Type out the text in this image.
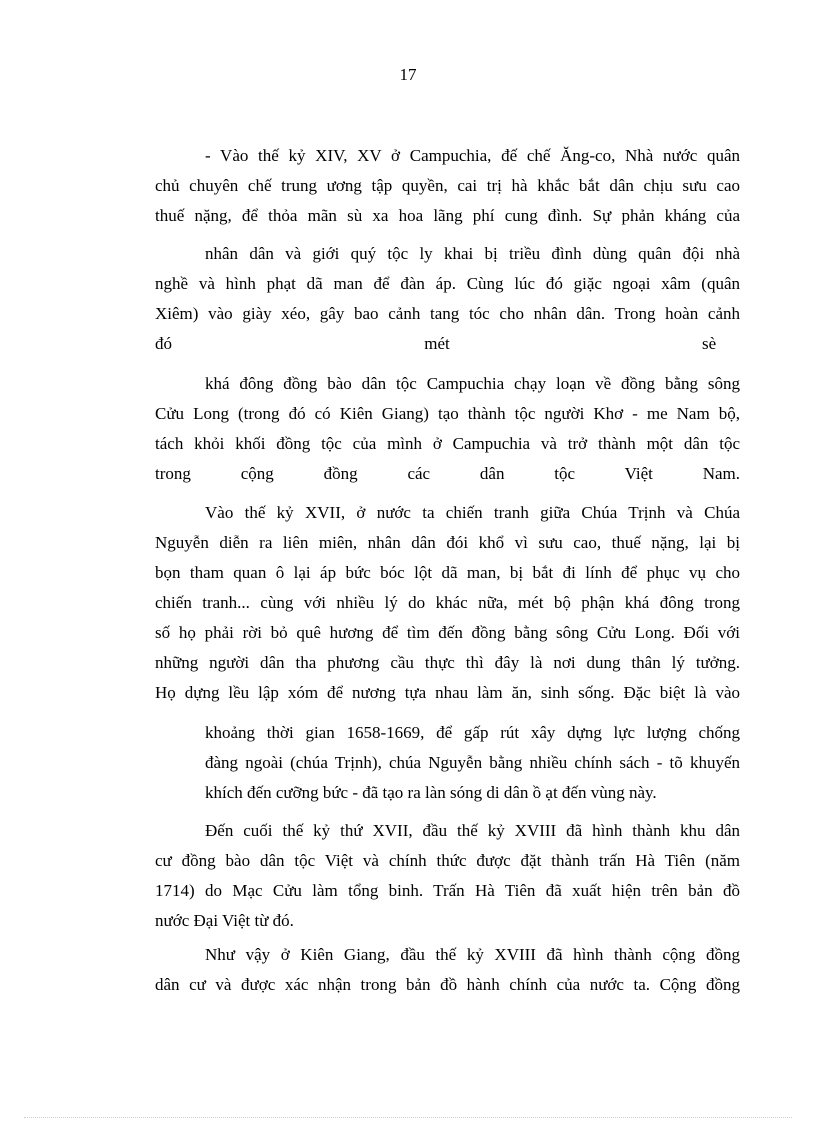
17
- Vào thế kỷ XIV, XV ở Campuchia, đế chế Ăng-co, Nhà nước quân
chủ chuyên chế trung ương tập quyền, cai trị hà khắc bắt dân chịu sưu cao
thuế nặng, để thỏa mãn sù xa hoa lãng phí cung đình. Sự phản kháng của
nhân dân và giới quý tộc ly khai bị triều đình dùng quân đội nhà
nghề và hình phạt dã man để đàn áp. Cùng lúc đó giặc ngoại xâm (quân
Xiêm) vào giày xéo, gây bao cảnh tang tóc cho nhân dân. Trong hoàn cảnh
đó mét sè
khá đông đồng bào dân tộc Campuchia chạy loạn về đồng bằng sông
Cửu Long (trong đó có Kiên Giang) tạo thành tộc người Khơ - me Nam bộ,
tách khỏi khối đồng tộc của mình ở Campuchia và trở thành một dân tộc
trong cộng đồng các dân tộc Việt Nam.
Vào thế kỷ XVII, ở nước ta chiến tranh giữa Chúa Trịnh và Chúa
Nguyễn diễn ra liên miên, nhân dân đói khổ vì sưu cao, thuế nặng, lại bị
bọn tham quan ô lại áp bức bóc lột dã man, bị bắt đi lính để phục vụ cho
chiến tranh... cùng với nhiều lý do khác nữa, mét bộ phận khá đông trong
số họ phải rời bỏ quê hương để tìm đến đồng bằng sông Cửu Long. Đối với
những người dân tha phương cầu thực thì đây là nơi dung thân lý tưởng.
Họ dựng lều lập xóm để nương tựa nhau làm ăn, sinh sống. Đặc biệt là vào
khoảng thời gian 1658-1669, để gấp rút xây dựng lực lượng chống
đàng ngoài (chúa Trịnh), chúa Nguyễn bằng nhiều chính sách - tõ khuyến
khích đến cưỡng bức - đã tạo ra làn sóng di dân ồ ạt đến vùng này.
Đến cuối thế kỷ thứ XVII, đầu thế kỷ XVIII đã hình thành khu dân
cư đồng bào dân tộc Việt và chính thức được đặt thành trấn Hà Tiên (năm
1714) do Mạc Cửu làm tổng binh. Trấn Hà Tiên đã xuất hiện trên bản đồ
nước Đại Việt từ đó.
Như vậy ở Kiên Giang, đầu thế kỷ XVIII đã hình thành cộng đồng
dân cư và được xác nhận trong bản đồ hành chính của nước ta. Cộng đồng
